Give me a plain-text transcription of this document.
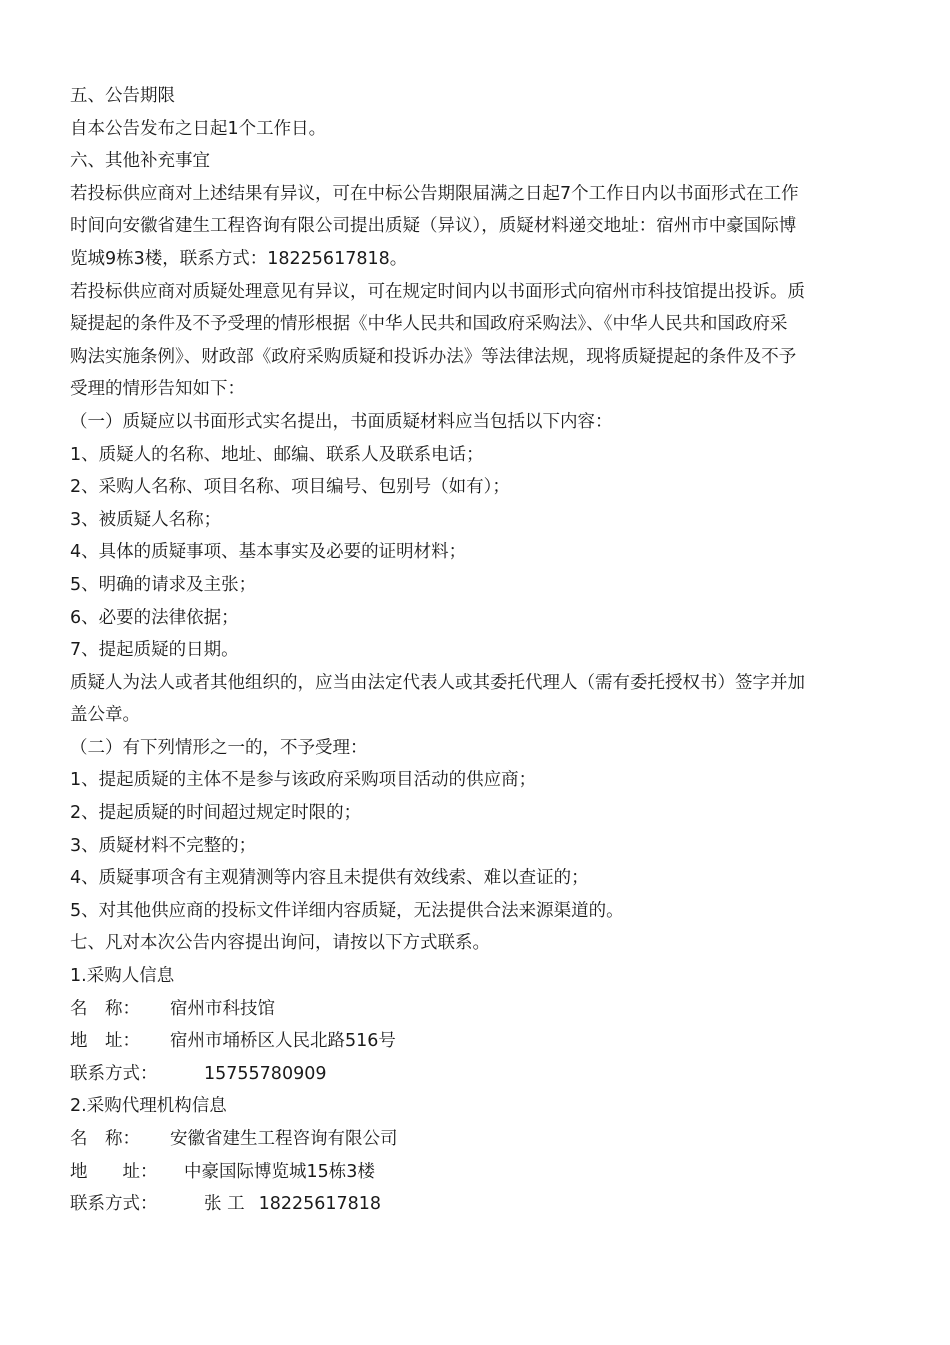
五、公告期限
自本公告发布之日起1个工作日。
六、其他补充事宜
若投标供应商对上述结果有异议，可在中标公告期限届满之日起7个工作日内以书面形式在工作
时间向安徽省建生工程咨询有限公司提出质疑（异议），质疑材料递交地址：宿州市中豪国际博
览城9栋3楼，联系方式：18225617818。
若投标供应商对质疑处理意见有异议，可在规定时间内以书面形式向宿州市科技馆提出投诉。质
疑提起的条件及不予受理的情形根据《中华人民共和国政府采购法》、《中华人民共和国政府采
购法实施条例》、财政部《政府采购质疑和投诉办法》等法律法规，现将质疑提起的条件及不予
受理的情形告知如下：
（一）质疑应以书面形式实名提出，书面质疑材料应当包括以下内容：
1、质疑人的名称、地址、邮编、联系人及联系电话；
2、采购人名称、项目名称、项目编号、包别号（如有）；
3、被质疑人名称；
4、具体的质疑事项、基本事实及必要的证明材料；
5、明确的请求及主张；
6、必要的法律依据；
7、提起质疑的日期。
质疑人为法人或者其他组织的，应当由法定代表人或其委托代理人（需有委托授权书）签字并加
盖公章。
（二）有下列情形之一的，不予受理：
1、提起质疑的主体不是参与该政府采购项目活动的供应商；
2、提起质疑的时间超过规定时限的；
3、质疑材料不完整的；
4、质疑事项含有主观猜测等内容且未提供有效线索、难以查证的；
5、对其他供应商的投标文件详细内容质疑，无法提供合法来源渠道的。
七、凡对本次公告内容提出询问，请按以下方式联系。
1.采购人信息
名　称：	宿州市科技馆
地　址：	宿州市埇桥区人民北路516号
联系方式：	15755780909
2.采购代理机构信息
名　称：	安徽省建生工程咨询有限公司
地　　址：	中豪国际博览城15栋3楼
联系方式：	张 工 18225617818
